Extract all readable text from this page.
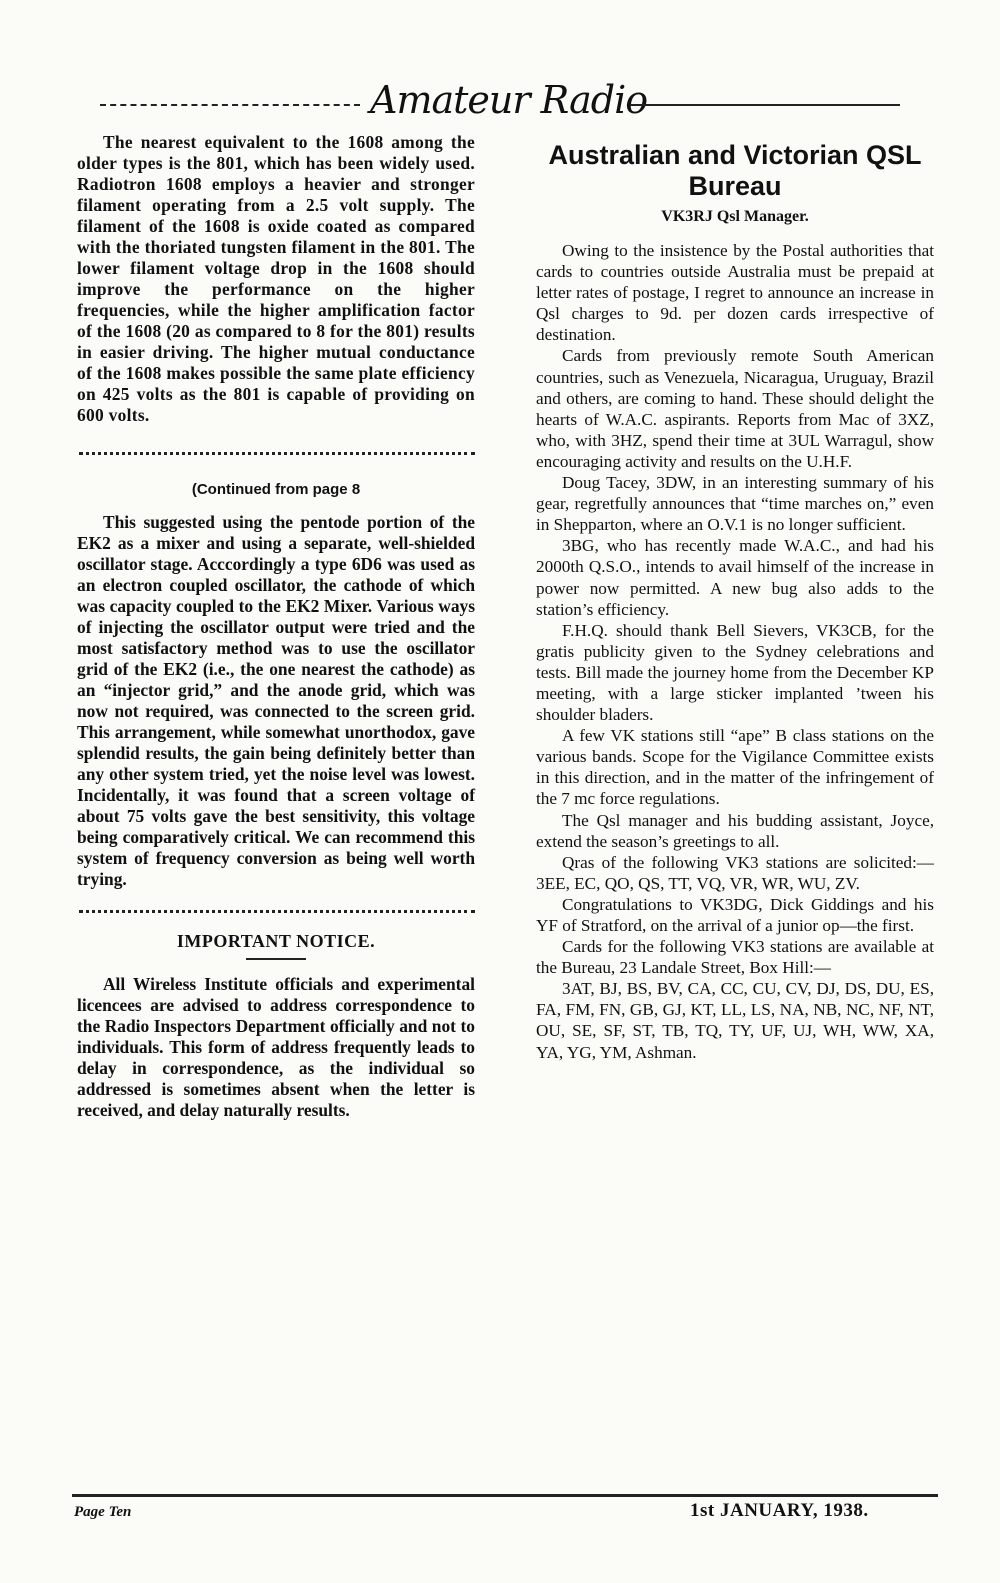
Amateur Radio

The nearest equivalent to the 1608 among the older types is the 801, which has been widely used. Radiotron 1608 employs a heavier and stronger filament operating from a 2.5 volt supply. The filament of the 1608 is oxide coated as compared with the thoriated tungsten filament in the 801. The lower filament voltage drop in the 1608 should improve the performance on the higher frequencies, while the higher amplification factor of the 1608 (20 as compared to 8 for the 801) results in easier driving. The higher mutual conductance of the 1608 makes possible the same plate efficiency on 425 volts as the 801 is capable of providing on 600 volts.

(Continued from page 8

This suggested using the pentode portion of the EK2 as a mixer and using a separate, well-shielded oscillator stage. Acccordingly a type 6D6 was used as an electron coupled oscillator, the cathode of which was capacity coupled to the EK2 Mixer. Various ways of injecting the oscillator output were tried and the most satisfactory method was to use the oscillator grid of the EK2 (i.e., the one nearest the cathode) as an “injector grid,” and the anode grid, which was now not required, was connected to the screen grid. This arrangement, while somewhat unorthodox, gave splendid results, the gain being definitely better than any other system tried, yet the noise level was lowest. Incidentally, it was found that a screen voltage of about 75 volts gave the best sensitivity, this voltage being comparatively critical. We can recommend this system of frequency conversion as being well worth trying.

IMPORTANT NOTICE.

All Wireless Institute officials and experimental licencees are advised to address correspondence to the Radio Inspectors Department officially and not to individuals. This form of address frequently leads to delay in correspondence, as the individual so addressed is sometimes absent when the letter is received, and delay naturally results.

Australian and Victorian QSL Bureau
VK3RJ Qsl Manager.

Owing to the insistence by the Postal authorities that cards to countries outside Australia must be prepaid at letter rates of postage, I regret to announce an increase in Qsl charges to 9d. per dozen cards irrespective of destination.

Cards from previously remote South American countries, such as Venezuela, Nicaragua, Uruguay, Brazil and others, are coming to hand. These should delight the hearts of W.A.C. aspirants. Reports from Mac of 3XZ, who, with 3HZ, spend their time at 3UL Warragul, show encouraging activity and results on the U.H.F.

Doug Tacey, 3DW, in an interesting summary of his gear, regretfully announces that “time marches on,” even in Shepparton, where an O.V.1 is no longer sufficient.

3BG, who has recently made W.A.C., and had his 2000th Q.S.O., intends to avail himself of the increase in power now permitted. A new bug also adds to the station’s efficiency.

F.H.Q. should thank Bell Sievers, VK3CB, for the gratis publicity given to the Sydney celebrations and tests. Bill made the journey home from the December KP meeting, with a large sticker implanted ’tween his shoulder bladers.

A few VK stations still “ape” B class stations on the various bands. Scope for the Vigilance Committee exists in this direction, and in the matter of the infringement of the 7 mc force regulations.

The Qsl manager and his budding assistant, Joyce, extend the season’s greetings to all.

Qras of the following VK3 stations are solicited:—3EE, EC, QO, QS, TT, VQ, VR, WR, WU, ZV.

Congratulations to VK3DG, Dick Giddings and his YF of Stratford, on the arrival of a junior op—the first.

Cards for the following VK3 stations are available at the Bureau, 23 Landale Street, Box Hill:—

3AT, BJ, BS, BV, CA, CC, CU, CV, DJ, DS, DU, ES, FA, FM, FN, GB, GJ, KT, LL, LS, NA, NB, NC, NF, NT, OU, SE, SF, ST, TB, TQ, TY, UF, UJ, WH, WW, XA, YA, YG, YM, Ashman.

Page Ten	1st JANUARY, 1938.
